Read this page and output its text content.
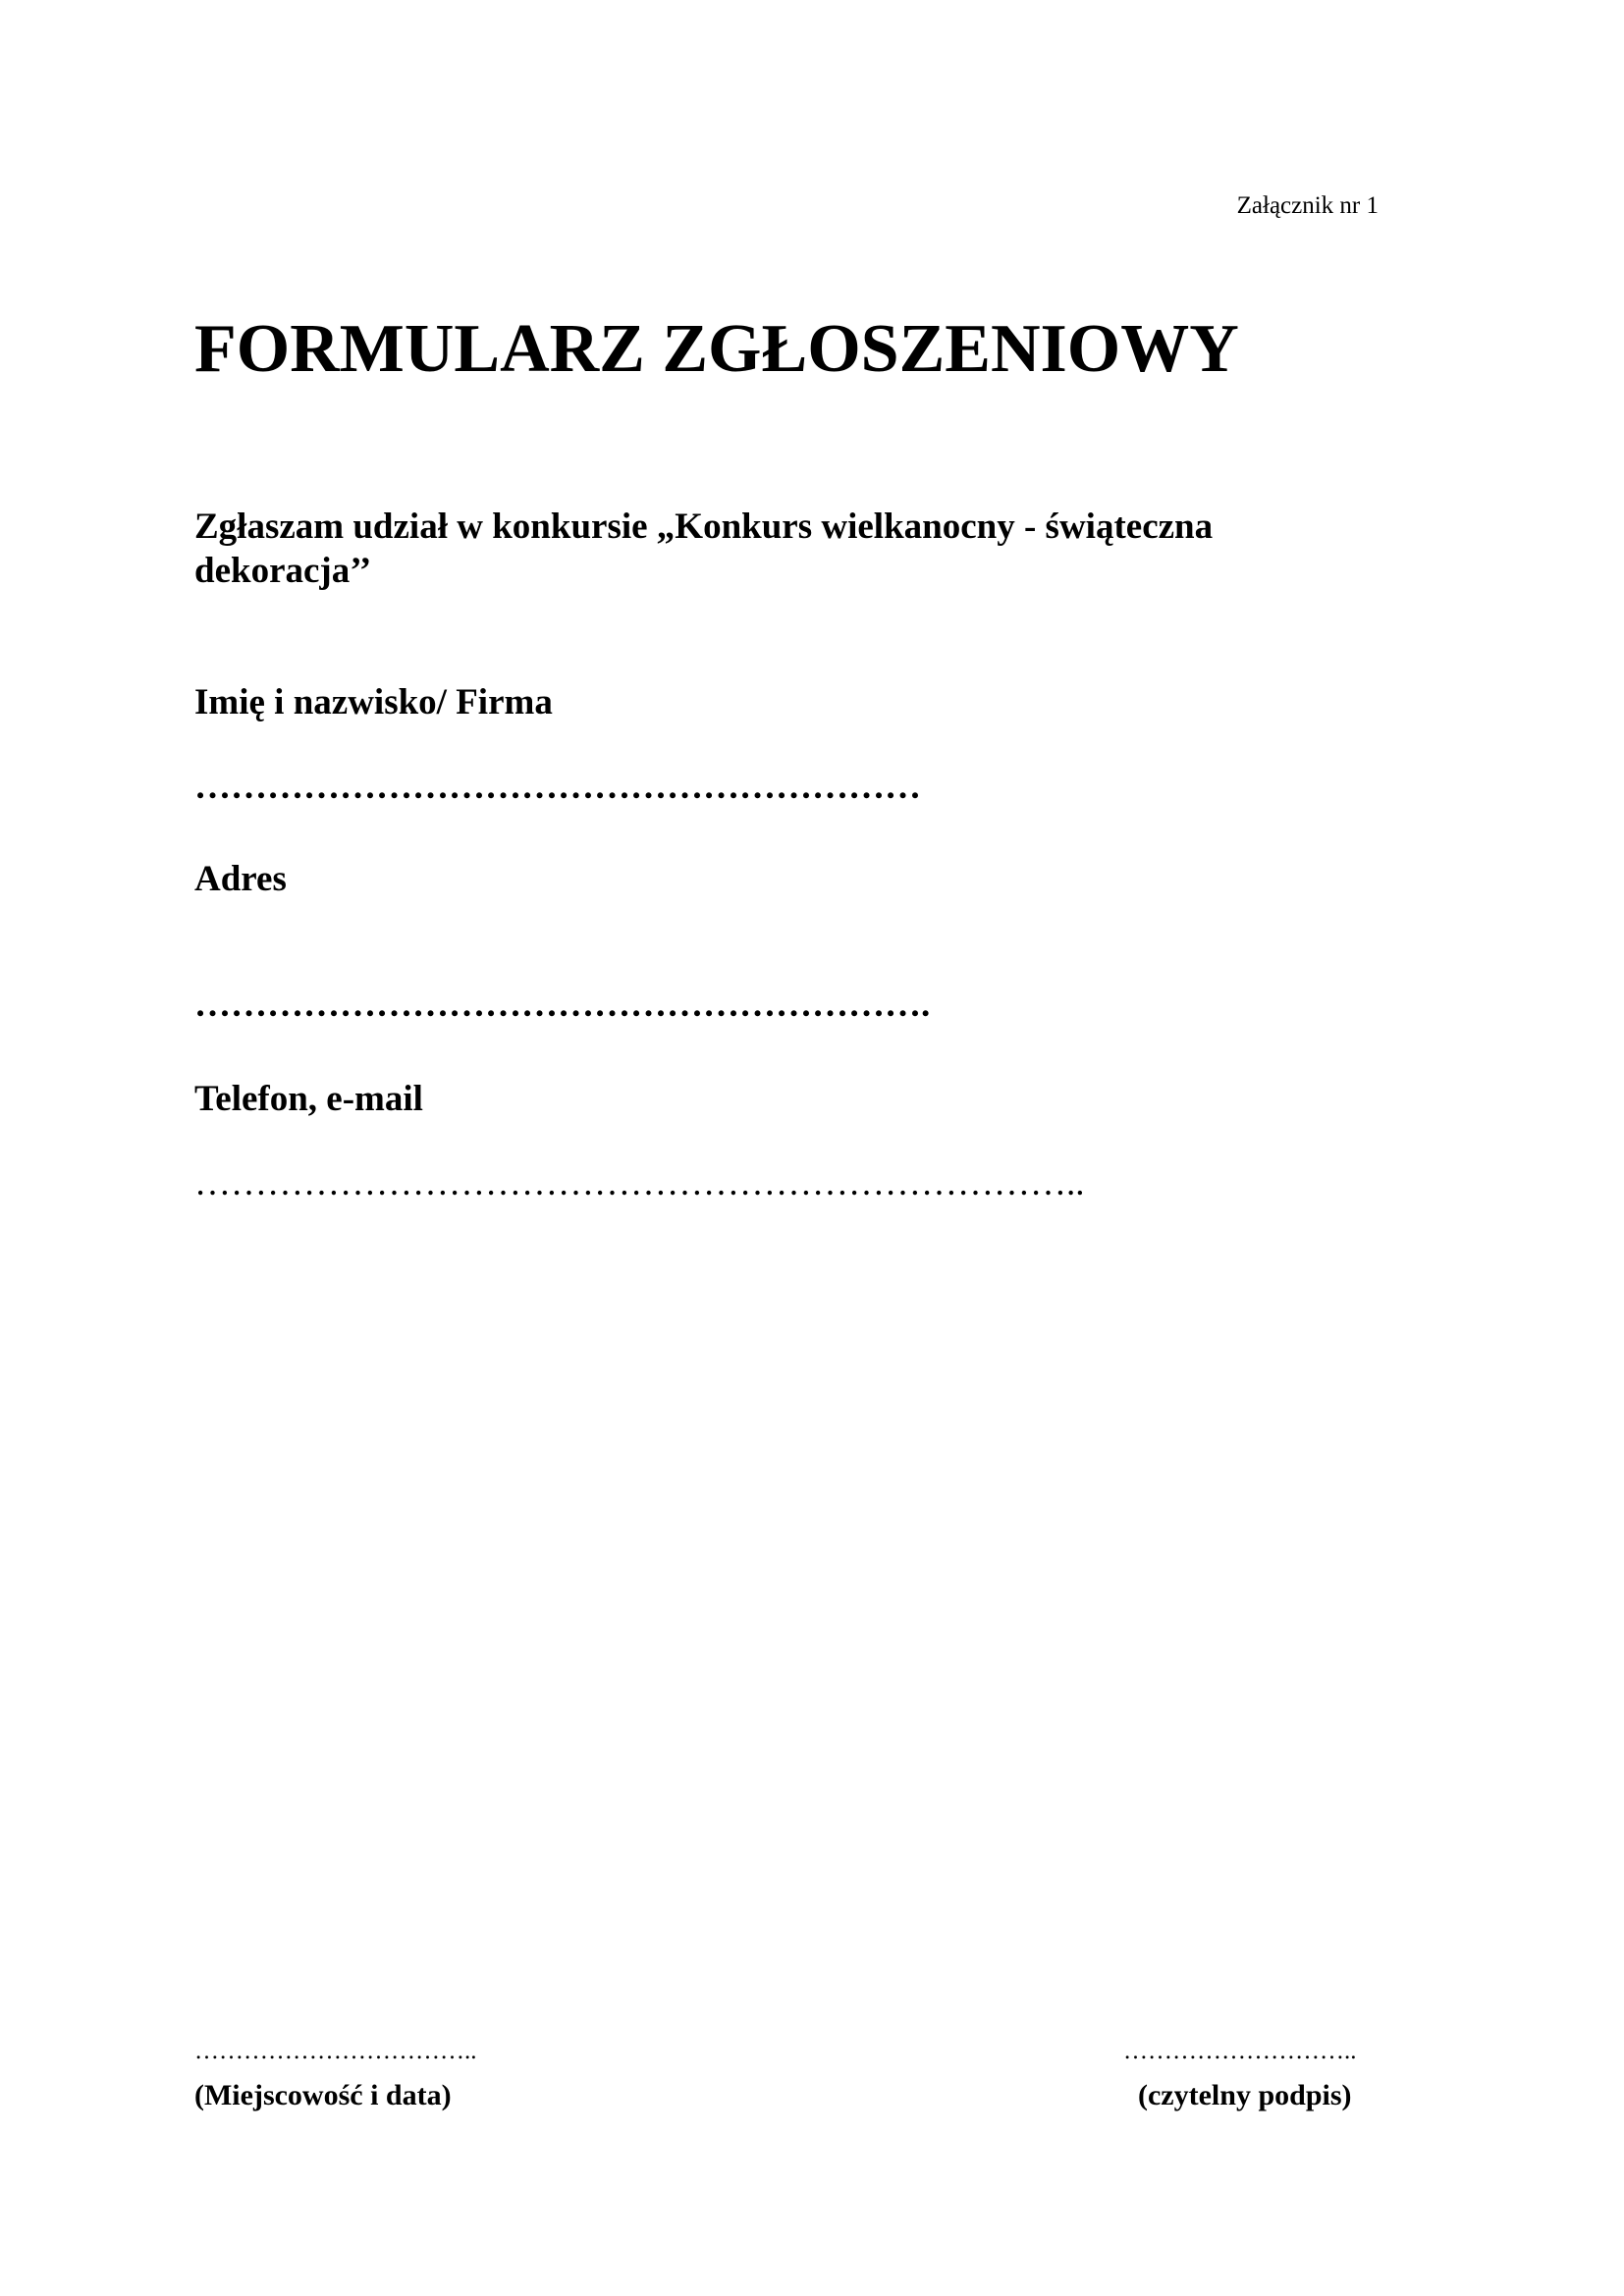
Załącznik nr 1
FORMULARZ ZGŁOSZENIOWY
Zgłaszam udział w konkursie „Konkurs wielkanocny - świąteczna
dekoracja’’
Imię i nazwisko/ Firma
……………………………………………………
Adres
…………………………………………………….
Telefon, e-mail
………………………………………………………………..
……………………………..
(Miejscowość i data)
………………………..
(czytelny podpis)
